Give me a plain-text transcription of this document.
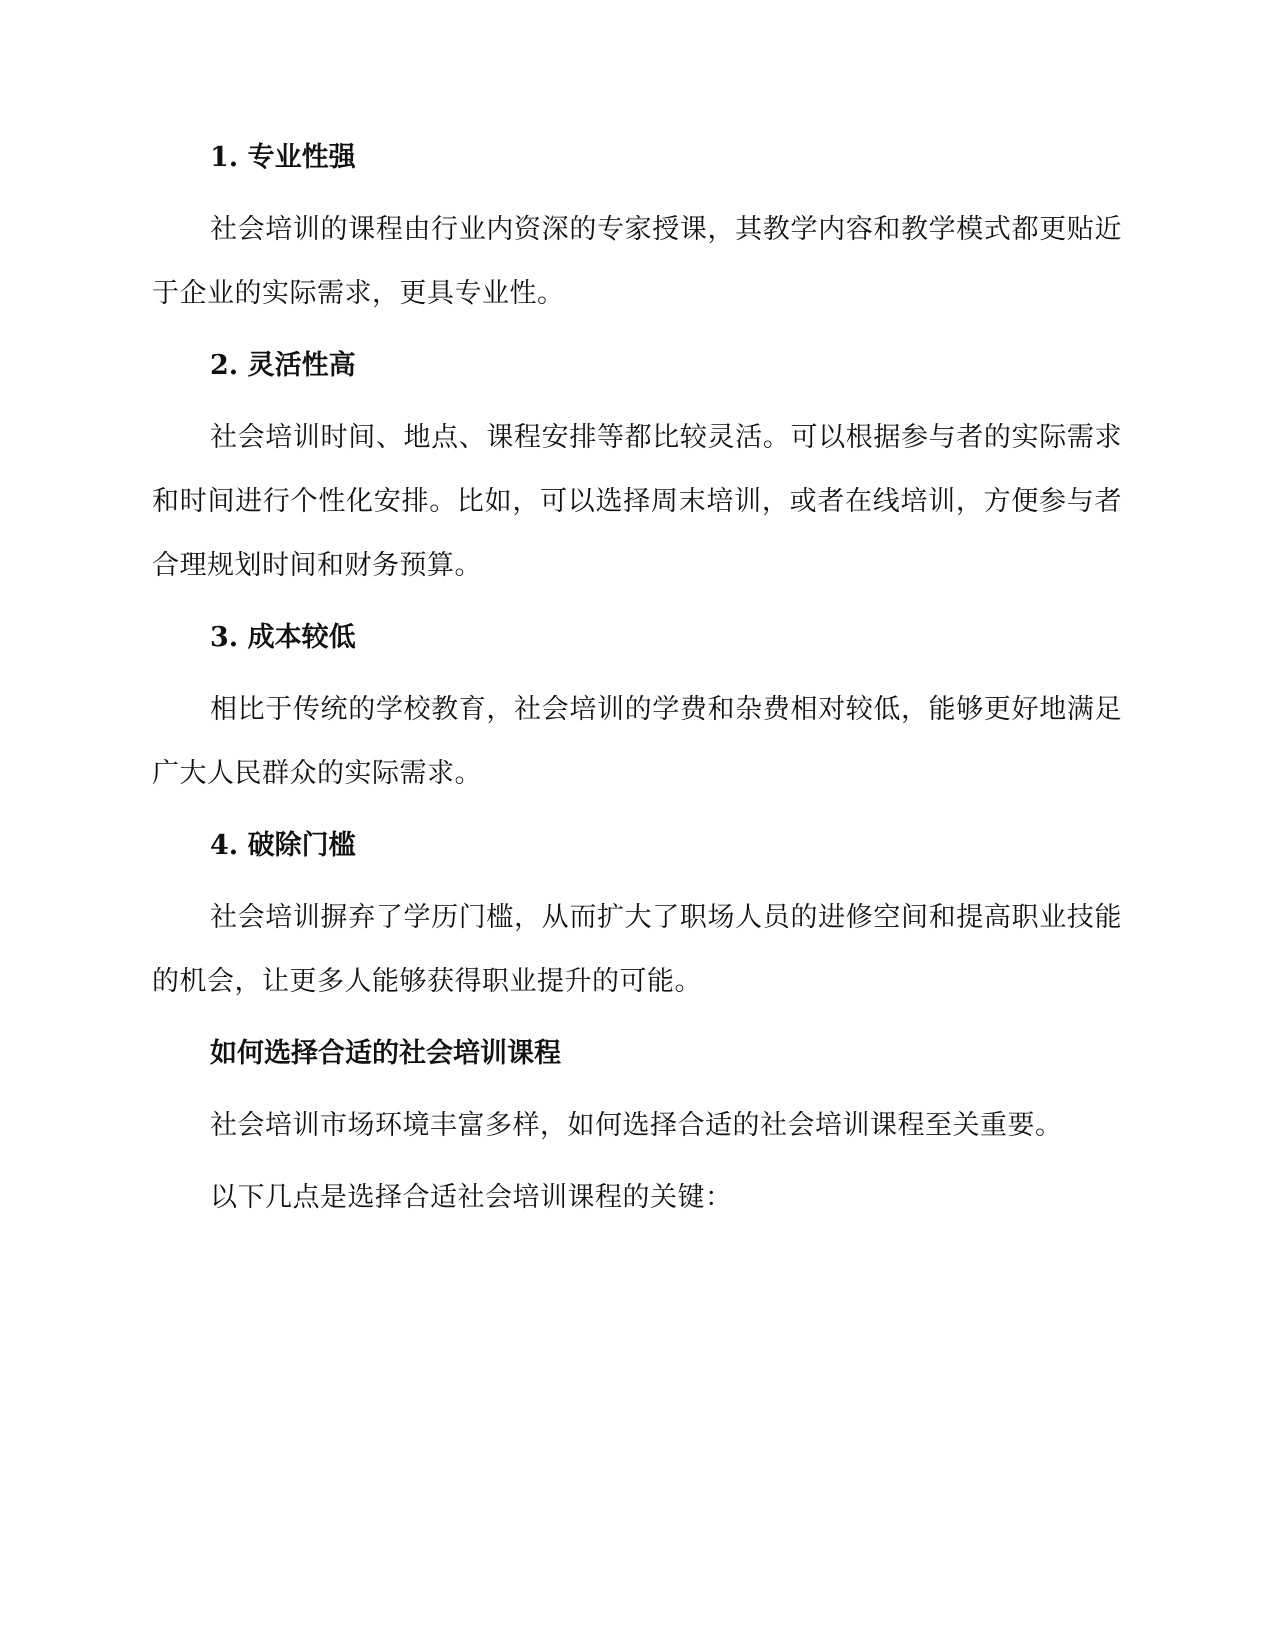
1. 专业性强

社会培训的课程由行业内资深的专家授课，其教学内容和教学模式都更贴近于企业的实际需求，更具专业性。

2. 灵活性高

社会培训时间、地点、课程安排等都比较灵活。可以根据参与者的实际需求和时间进行个性化安排。比如，可以选择周末培训，或者在线培训，方便参与者合理规划时间和财务预算。

3. 成本较低

相比于传统的学校教育，社会培训的学费和杂费相对较低，能够更好地满足广大人民群众的实际需求。

4. 破除门槛

社会培训摒弃了学历门槛，从而扩大了职场人员的进修空间和提高职业技能的机会，让更多人能够获得职业提升的可能。

如何选择合适的社会培训课程

社会培训市场环境丰富多样，如何选择合适的社会培训课程至关重要。

以下几点是选择合适社会培训课程的关键：
